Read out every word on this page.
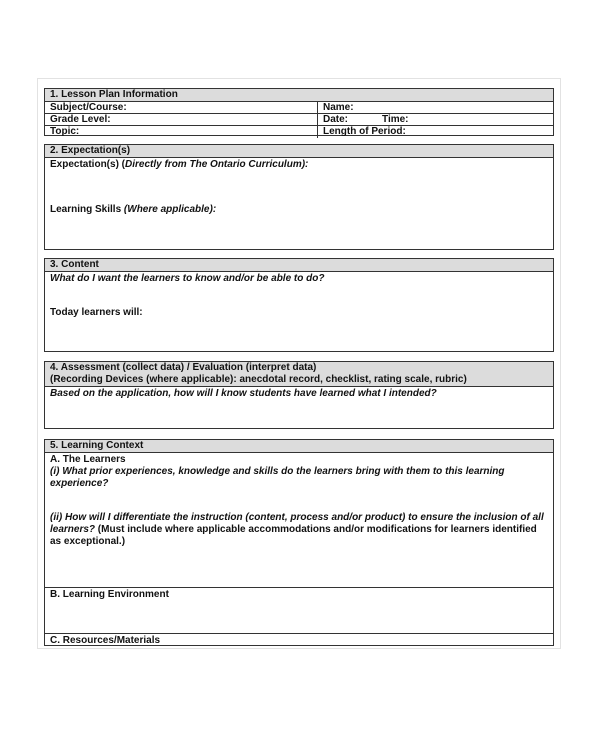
1. Lesson Plan Information
Subject/Course:	Name:
Grade Level:	Date:	Time:
Topic:	Length of Period:
2. Expectation(s)

Expectation(s) (Directly from The Ontario Curriculum):

Learning Skills (Where applicable):

3. Content

What do I want the learners to know and/or be able to do?

Today learners will:

4. Assessment (collect data) / Evaluation (interpret data)
(Recording Devices (where applicable): anecdotal record, checklist, rating scale, rubric)

Based on the application, how will I know students have learned what I intended?

5. Learning Context

A. The Learners

(i) What prior experiences, knowledge and skills do the learners bring with them to this learning experience?

(ii) How will I differentiate the instruction (content, process and/or product) to ensure the inclusion of all learners? (Must include where applicable accommodations and/or modifications for learners identified as exceptional.)

B. Learning Environment

C. Resources/Materials
